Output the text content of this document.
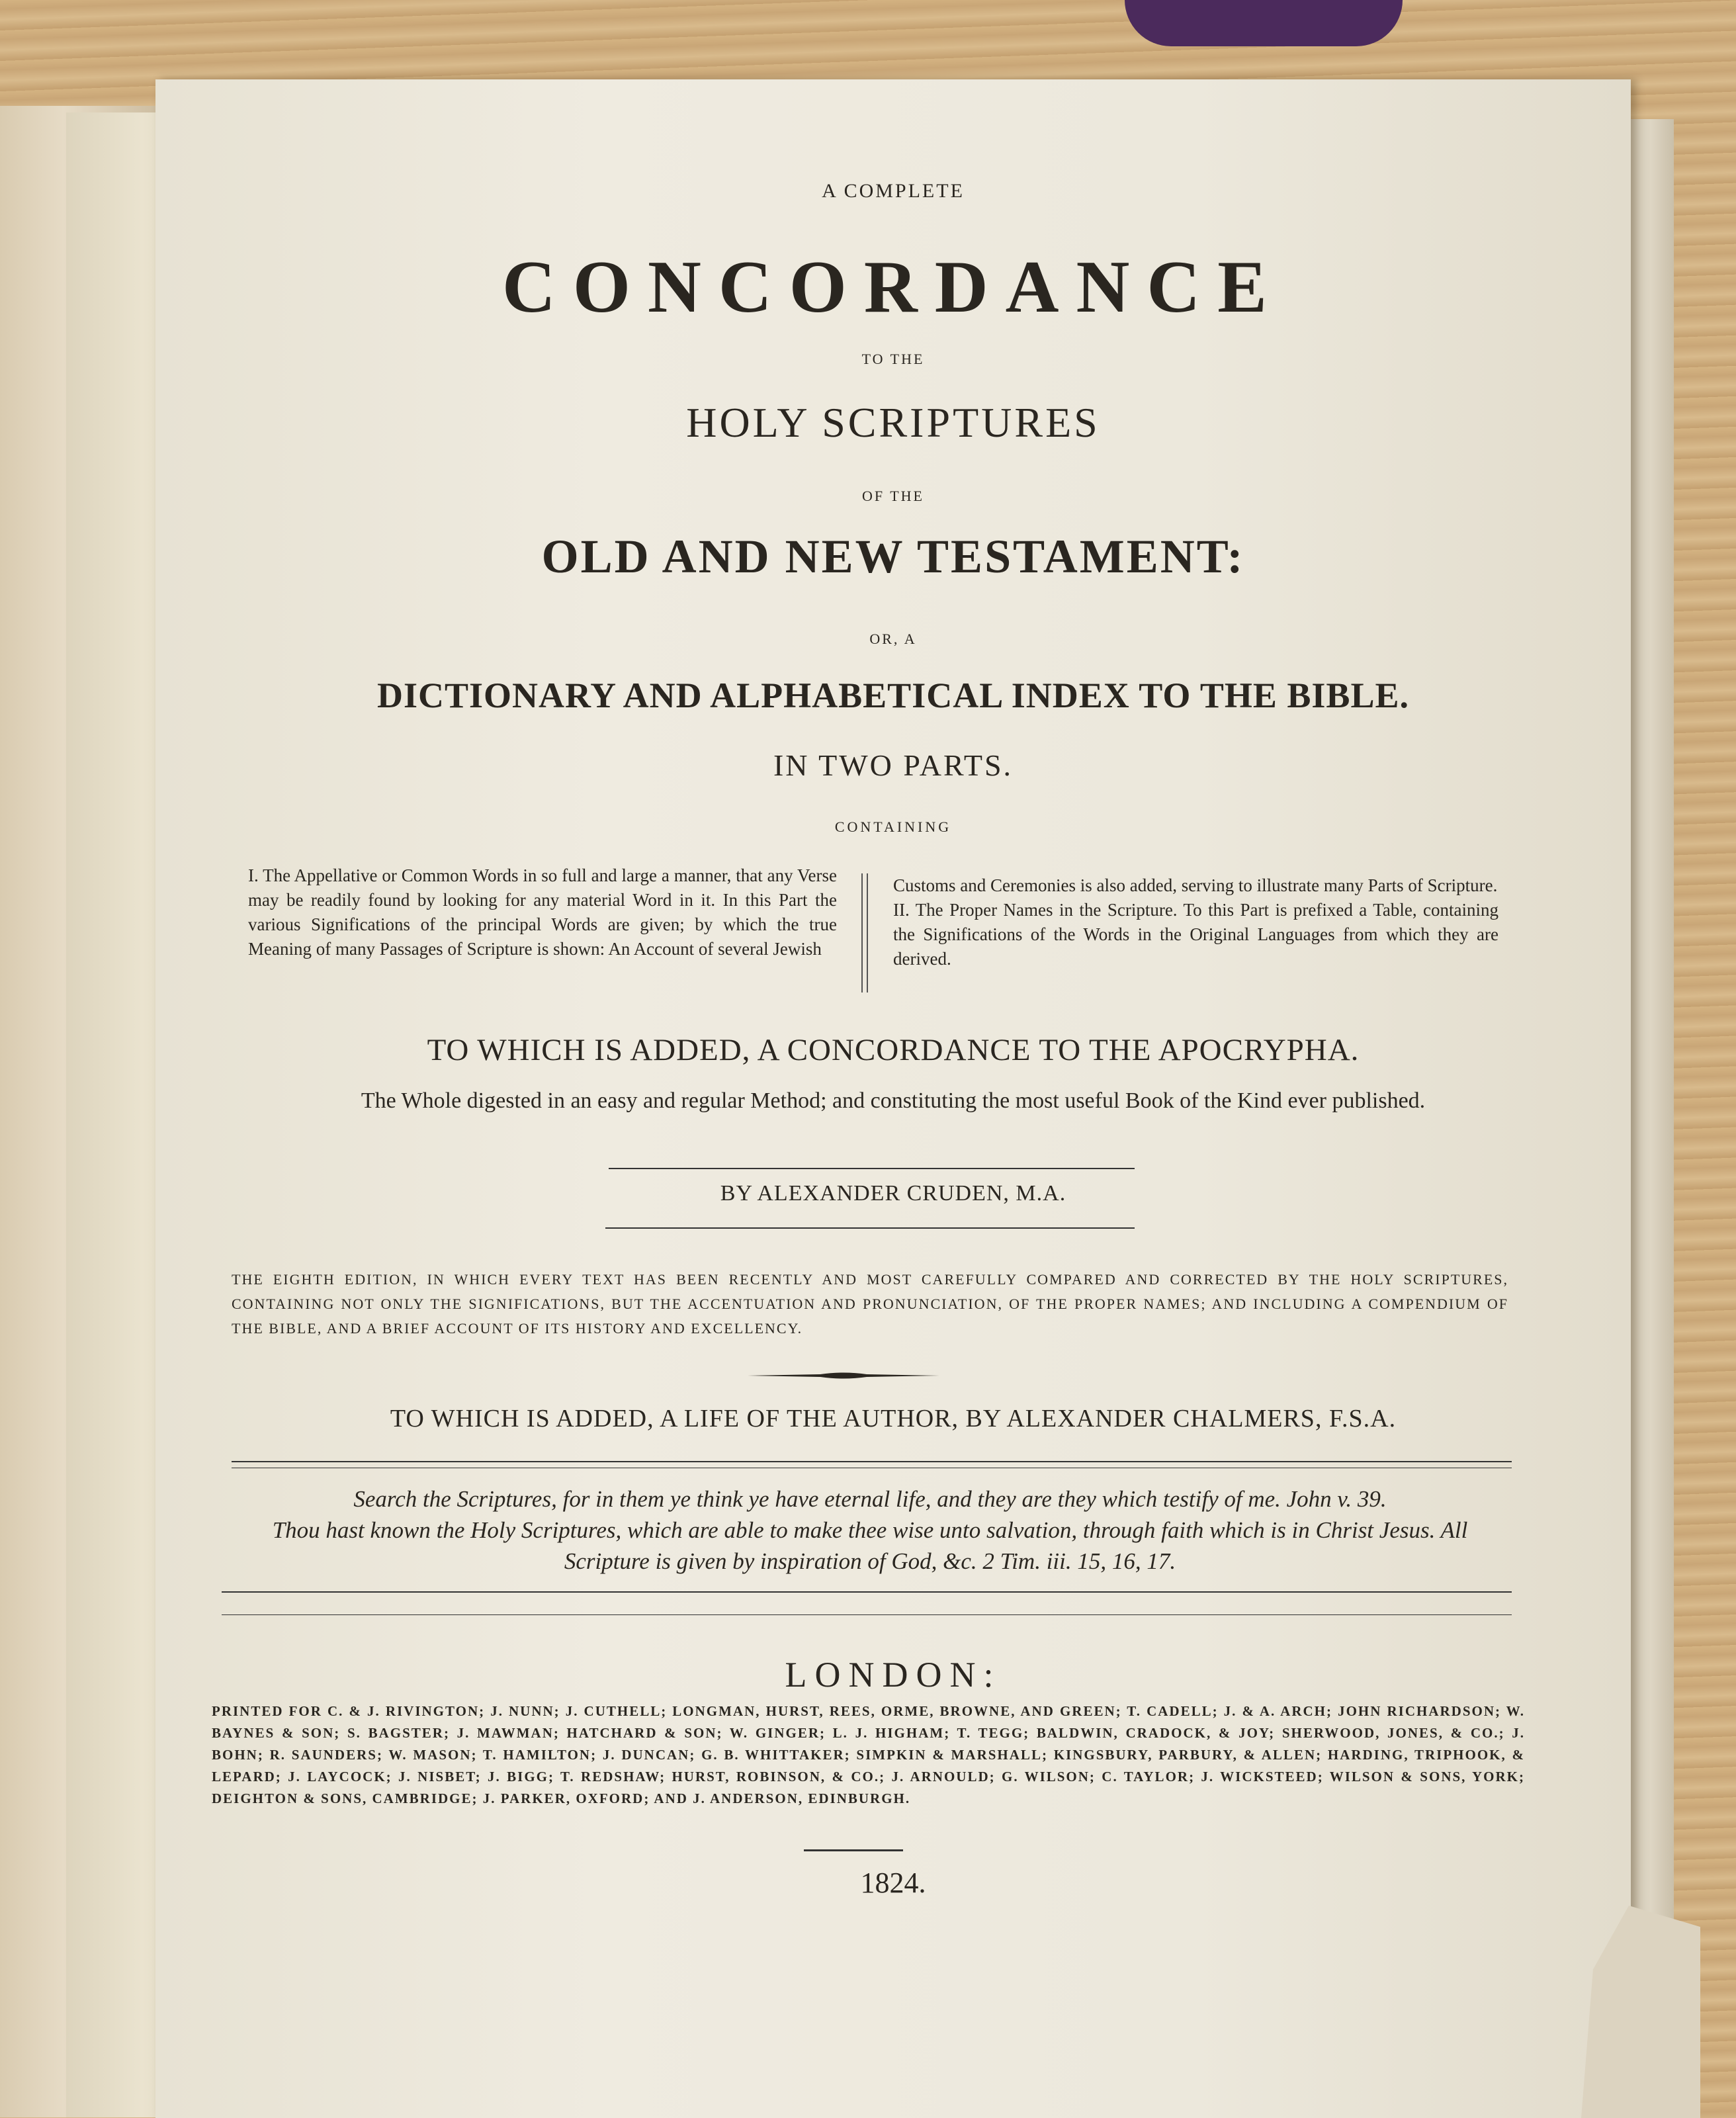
A COMPLETE
CONCORDANCE
TO THE
HOLY SCRIPTURES
OF THE
OLD AND NEW TESTAMENT:
OR, A
DICTIONARY AND ALPHABETICAL INDEX TO THE BIBLE.
IN TWO PARTS.
CONTAINING
I. The Appellative or Common Words in so full and large a manner, that any Verse may be readily found by looking for any material Word in it. In this Part the various Significations of the principal Words are given; by which the true Meaning of many Passages of Scripture is shown: An Account of several Jewish
Customs and Ceremonies is also added, serving to illustrate many Parts of Scripture.
II. The Proper Names in the Scripture. To this Part is prefixed a Table, containing the Significations of the Words in the Original Languages from which they are derived.
TO WHICH IS ADDED, A CONCORDANCE TO THE APOCRYPHA.
The Whole digested in an easy and regular Method; and constituting the most useful Book of the Kind ever published.
BY ALEXANDER CRUDEN, M.A.
THE EIGHTH EDITION, IN WHICH EVERY TEXT HAS BEEN RECENTLY AND MOST CAREFULLY COMPARED AND CORRECTED BY THE HOLY SCRIPTURES, CONTAINING NOT ONLY THE SIGNIFICATIONS, BUT THE ACCENTUATION AND PRONUNCIATION, OF THE PROPER NAMES; AND INCLUDING A COMPENDIUM OF THE BIBLE, AND A BRIEF ACCOUNT OF ITS HISTORY AND EXCELLENCY.
TO WHICH IS ADDED, A LIFE OF THE AUTHOR, BY ALEXANDER CHALMERS, F.S.A.
Search the Scriptures, for in them ye think ye have eternal life, and they are they which testify of me. John v. 39.
Thou hast known the Holy Scriptures, which are able to make thee wise unto salvation, through faith which is in Christ Jesus. All
Scripture is given by inspiration of God, &c. 2 Tim. iii. 15, 16, 17.
LONDON:
PRINTED FOR C. & J. RIVINGTON; J. NUNN; J. CUTHELL; LONGMAN, HURST, REES, ORME, BROWNE, AND GREEN; T. CADELL; J. & A. ARCH; JOHN RICHARDSON; W. BAYNES & SON; S. BAGSTER; J. MAWMAN; HATCHARD & SON; W. GINGER; L. J. HIGHAM; T. TEGG; BALDWIN, CRADOCK, & JOY; SHERWOOD, JONES, & CO.; J. BOHN; R. SAUNDERS; W. MASON; T. HAMILTON; J. DUNCAN; G. B. WHITTAKER; SIMPKIN & MARSHALL; KINGSBURY, PARBURY, & ALLEN; HARDING, TRIPHOOK, & LEPARD; J. LAYCOCK; J. NISBET; J. BIGG; T. REDSHAW; HURST, ROBINSON, & CO.; J. ARNOULD; G. WILSON; C. TAYLOR; J. WICKSTEED; WILSON & SONS, YORK; DEIGHTON & SONS, CAMBRIDGE; J. PARKER, OXFORD; AND J. ANDERSON, EDINBURGH.
1824.
